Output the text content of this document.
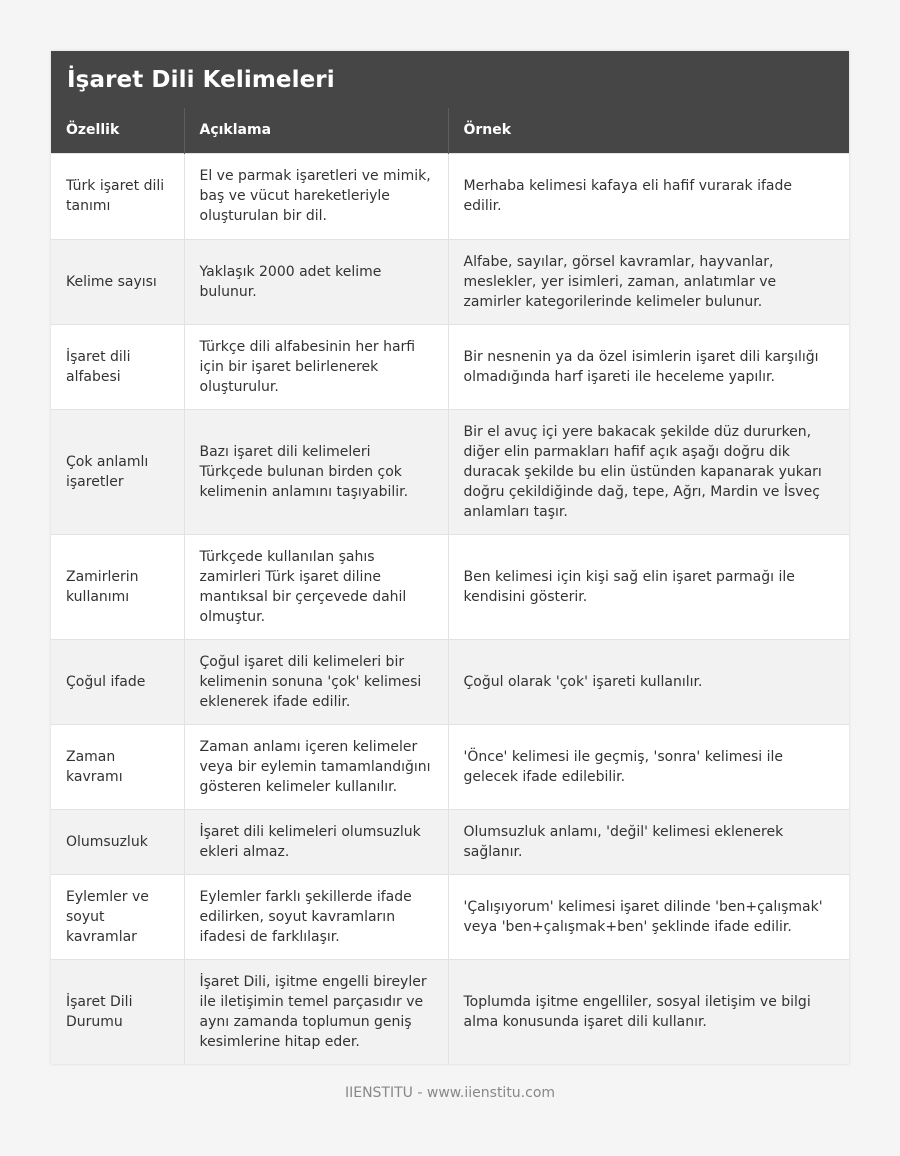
İşaret Dili Kelimeleri
Özellik	Açıklama	Örnek
Türk işaret dili tanımı	El ve parmak işaretleri ve mimik, baş ve vücut hareketleriyle oluşturulan bir dil.	Merhaba kelimesi kafaya eli hafif vurarak ifade edilir.
Kelime sayısı	Yaklaşık 2000 adet kelime bulunur.	Alfabe, sayılar, görsel kavramlar, hayvanlar, meslekler, yer isimleri, zaman, anlatımlar ve zamirler kategorilerinde kelimeler bulunur.
İşaret dili alfabesi	Türkçe dili alfabesinin her harfi için bir işaret belirlenerek oluşturulur.	Bir nesnenin ya da özel isimlerin işaret dili karşılığı olmadığında harf işareti ile heceleme yapılır.
Çok anlamlı işaretler	Bazı işaret dili kelimeleri Türkçede bulunan birden çok kelimenin anlamını taşıyabilir.	Bir el avuç içi yere bakacak şekilde düz dururken, diğer elin parmakları hafif açık aşağı doğru dik duracak şekilde bu elin üstünden kapanarak yukarı doğru çekildiğinde dağ, tepe, Ağrı, Mardin ve İsveç anlamları taşır.
Zamirlerin kullanımı	Türkçede kullanılan şahıs zamirleri Türk işaret diline mantıksal bir çerçevede dahil olmuştur.	Ben kelimesi için kişi sağ elin işaret parmağı ile kendisini gösterir.
Çoğul ifade	Çoğul işaret dili kelimeleri bir kelimenin sonuna 'çok' kelimesi eklenerek ifade edilir.	Çoğul olarak 'çok' işareti kullanılır.
Zaman kavramı	Zaman anlamı içeren kelimeler veya bir eylemin tamamlandığını gösteren kelimeler kullanılır.	'Önce' kelimesi ile geçmiş, 'sonra' kelimesi ile gelecek ifade edilebilir.
Olumsuzluk	İşaret dili kelimeleri olumsuzluk ekleri almaz.	Olumsuzluk anlamı, 'değil' kelimesi eklenerek sağlanır.
Eylemler ve soyut kavramlar	Eylemler farklı şekillerde ifade edilirken, soyut kavramların ifadesi de farklılaşır.	'Çalışıyorum' kelimesi işaret dilinde 'ben+çalışmak' veya 'ben+çalışmak+ben' şeklinde ifade edilir.
İşaret Dili Durumu	İşaret Dili, işitme engelli bireyler ile iletişimin temel parçasıdır ve aynı zamanda toplumun geniş kesimlerine hitap eder.	Toplumda işitme engelliler, sosyal iletişim ve bilgi alma konusunda işaret dili kullanır.
IIENSTITU - www.iienstitu.com
